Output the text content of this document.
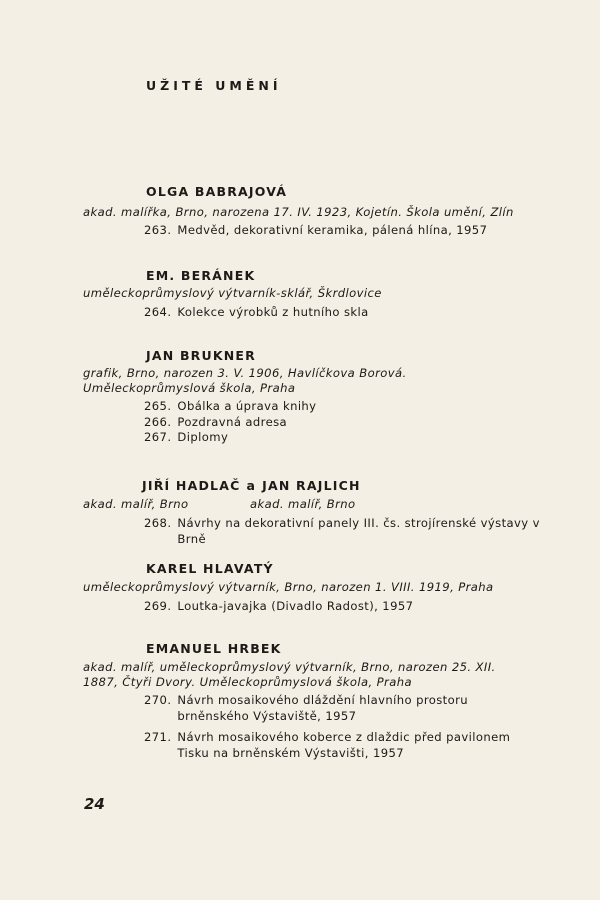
UŽITÉ UMĚNÍ
OLGA BABRAJOVÁ
akad. malířka, Brno, narozena 17. IV. 1923, Kojetín. Škola umění, Zlín
263. Medvěd, dekorativní keramika, pálená hlína, 1957
EM. BERÁNEK
uměleckoprůmyslový výtvarník-sklář, Škrdlovice
264. Kolekce výrobků z hutního skla
JAN BRUKNER
grafik, Brno, narozen 3. V. 1906, Havlíčkova Borová. Uměleckoprůmyslová škola, Praha
265. Obálka a úprava knihy
266. Pozdravná adresa
267. Diplomy
JIŘÍ HADLAČ a JAN RAJLICH
akad. malíř, Brno	akad. malíř, Brno
268. Návrhy na dekorativní panely III. čs. strojírenské výstavy v Brně
KAREL HLAVATÝ
uměleckoprůmyslový výtvarník, Brno, narozen 1. VIII. 1919, Praha
269. Loutka-javajka (Divadlo Radost), 1957
EMANUEL HRBEK
akad. malíř, uměleckoprůmyslový výtvarník, Brno, narozen 25. XII. 1887, Čtyři Dvory. Uměleckoprůmyslová škola, Praha
270. Návrh mosaikového dláždění hlavního prostoru brněnského Výstaviště, 1957
271. Návrh mosaikového koberce z dlaždic před pavilonem Tisku na brněnském Výstavišti, 1957
24
